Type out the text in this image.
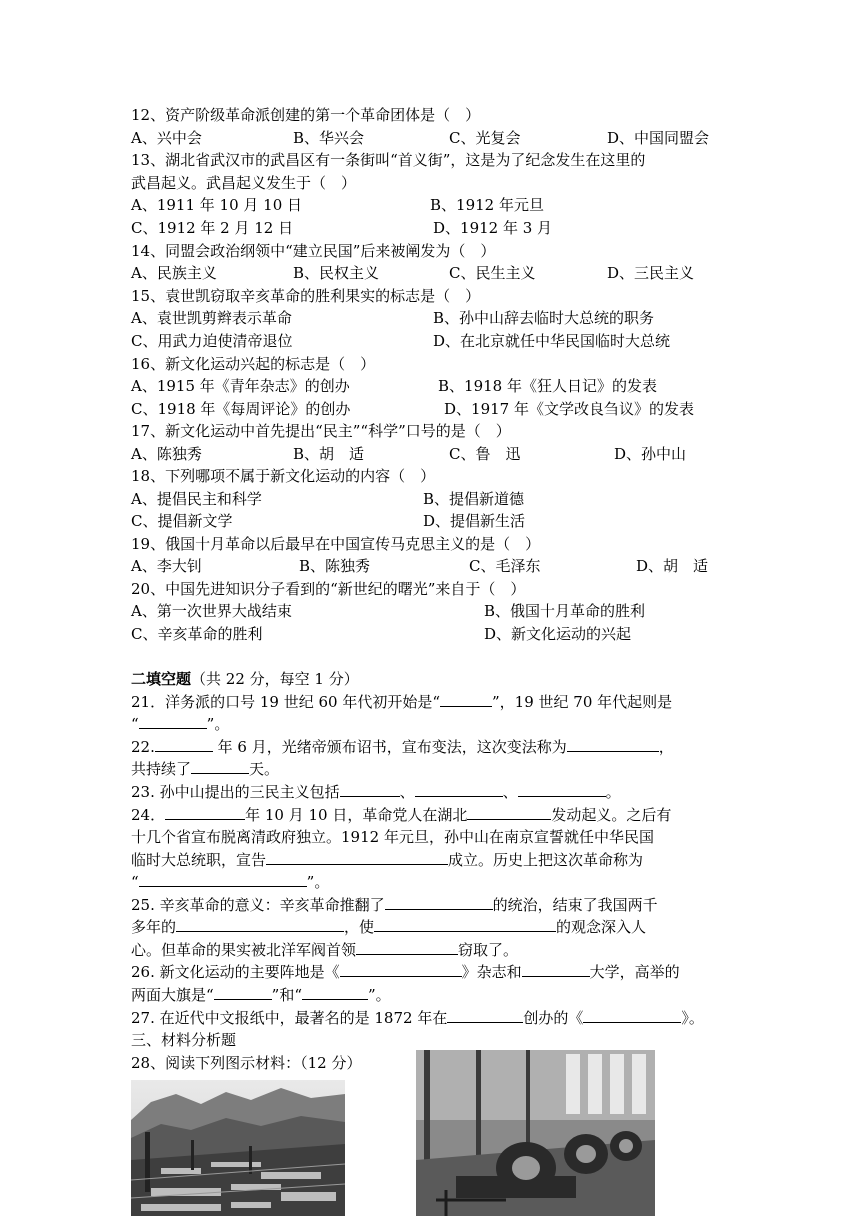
12、资产阶级革命派创建的第一个革命团体是（　）
A、兴中会	B、华兴会	C、光复会	D、中国同盟会
13、湖北省武汉市的武昌区有一条街叫“首义街”，这是为了纪念发生在这里的
武昌起义。武昌起义发生于（　）
A、1911 年 10 月 10 日	B、1912 年元旦
C、1912 年 2 月 12 日	D、1912 年 3 月
14、同盟会政治纲领中“建立民国”后来被阐发为（　）
A、民族主义	B、民权主义	C、民生主义	D、三民主义
15、袁世凯窃取辛亥革命的胜利果实的标志是（　）
A、袁世凯剪辫表示革命	B、孙中山辞去临时大总统的职务
C、用武力迫使清帝退位	D、在北京就任中华民国临时大总统
16、新文化运动兴起的标志是（　）
A、1915 年《青年杂志》的创办	B、1918 年《狂人日记》的发表
C、1918 年《每周评论》的创办	D、1917 年《文学改良刍议》的发表
17、新文化运动中首先提出“民主”“科学”口号的是（　）
A、陈独秀	B、胡　适	C、鲁　迅	D、孙中山
18、下列哪项不属于新文化运动的内容（　）
A、提倡民主和科学	B、提倡新道德
C、提倡新文学	D、提倡新生活
19、俄国十月革命以后最早在中国宣传马克思主义的是（　）
A、李大钊	B、陈独秀	C、毛泽东	D、胡　适
20、中国先进知识分子看到的“新世纪的曙光”来自于（　）
A、第一次世界大战结束	B、俄国十月革命的胜利
C、辛亥革命的胜利	D、新文化运动的兴起
二填空题（共 22 分，每空 1 分）
21．洋务派的口号 19 世纪 60 年代初开始是“	”，19 世纪 70 年代起则是
“	”。
22.	年 6 月，光绪帝颁布诏书，宣布变法，这次变法称为	，
共持续了	天。
23. 孙中山提出的三民主义包括	、	、	。
24．	年 10 月 10 日，革命党人在湖北	发动起义。之后有
十几个省宣布脱离清政府独立。1912 年元旦，孙中山在南京宣誓就任中华民国
临时大总统职，宣告	成立。历史上把这次革命称为
“	”。
25. 辛亥革命的意义：辛亥革命推翻了	的统治，结束了我国两千
多年的	，使	的观念深入人
心。但革命的果实被北洋军阀首领	窃取了。
26. 新文化运动的主要阵地是《	》杂志和	大学，高举的
两面大旗是“	”和“	”。
27. 在近代中文报纸中，最著名的是 1872 年在	创办的《	》。
三、材料分析题
28、阅读下列图示材料：（12 分）
